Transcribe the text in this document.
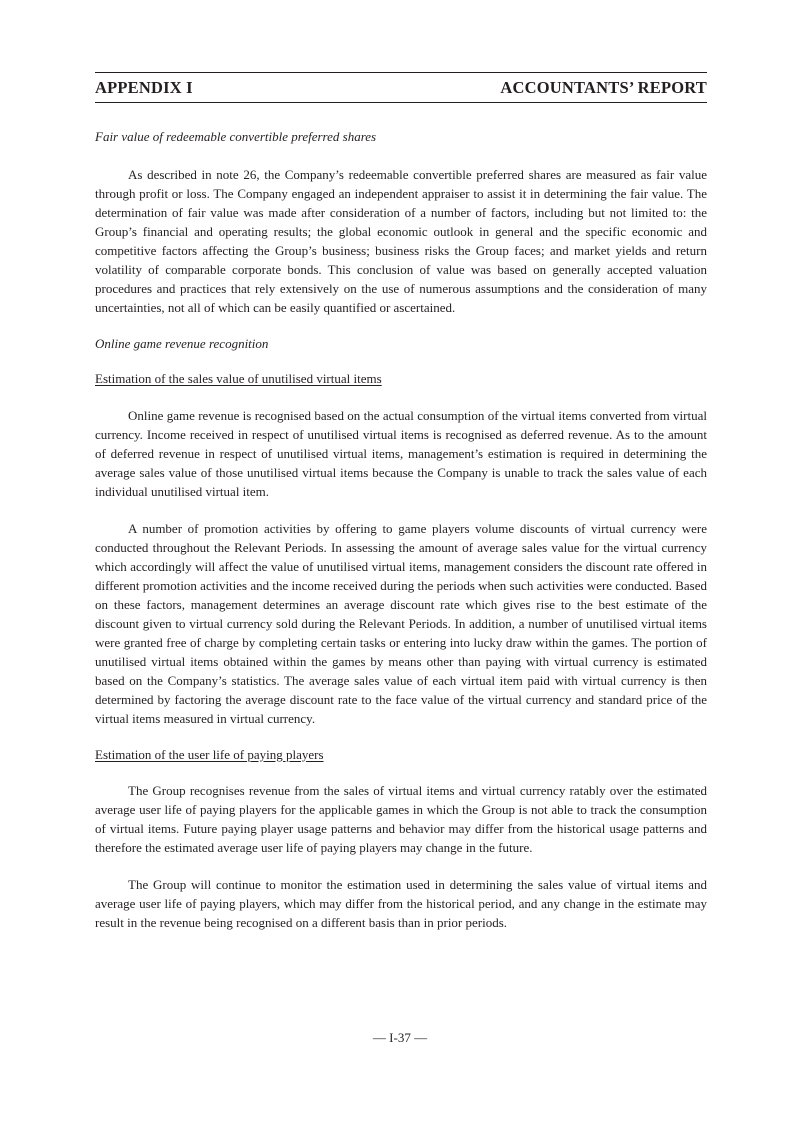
APPENDIX I	ACCOUNTANTS’ REPORT

Fair value of redeemable convertible preferred shares

As described in note 26, the Company’s redeemable convertible preferred shares are measured as fair value through profit or loss. The Company engaged an independent appraiser to assist it in determining the fair value. The determination of fair value was made after consideration of a number of factors, including but not limited to: the Group’s financial and operating results; the global economic outlook in general and the specific economic and competitive factors affecting the Group’s business; business risks the Group faces; and market yields and return volatility of comparable corporate bonds. This conclusion of value was based on generally accepted valuation procedures and practices that rely extensively on the use of numerous assumptions and the consideration of many uncertainties, not all of which can be easily quantified or ascertained.

Online game revenue recognition

Estimation of the sales value of unutilised virtual items

Online game revenue is recognised based on the actual consumption of the virtual items converted from virtual currency. Income received in respect of unutilised virtual items is recognised as deferred revenue. As to the amount of deferred revenue in respect of unutilised virtual items, management’s estimation is required in determining the average sales value of those unutilised virtual items because the Company is unable to track the sales value of each individual unutilised virtual item.

A number of promotion activities by offering to game players volume discounts of virtual currency were conducted throughout the Relevant Periods. In assessing the amount of average sales value for the virtual currency which accordingly will affect the value of unutilised virtual items, management considers the discount rate offered in different promotion activities and the income received during the periods when such activities were conducted. Based on these factors, management determines an average discount rate which gives rise to the best estimate of the discount given to virtual currency sold during the Relevant Periods. In addition, a number of unutilised virtual items were granted free of charge by completing certain tasks or entering into lucky draw within the games. The portion of unutilised virtual items obtained within the games by means other than paying with virtual currency is estimated based on the Company’s statistics. The average sales value of each virtual item paid with virtual currency is then determined by factoring the average discount rate to the face value of the virtual currency and standard price of the virtual items measured in virtual currency.

Estimation of the user life of paying players

The Group recognises revenue from the sales of virtual items and virtual currency ratably over the estimated average user life of paying players for the applicable games in which the Group is not able to track the consumption of virtual items. Future paying player usage patterns and behavior may differ from the historical usage patterns and therefore the estimated average user life of paying players may change in the future.

The Group will continue to monitor the estimation used in determining the sales value of virtual items and average user life of paying players, which may differ from the historical period, and any change in the estimate may result in the revenue being recognised on a different basis than in prior periods.

— I-37 —
